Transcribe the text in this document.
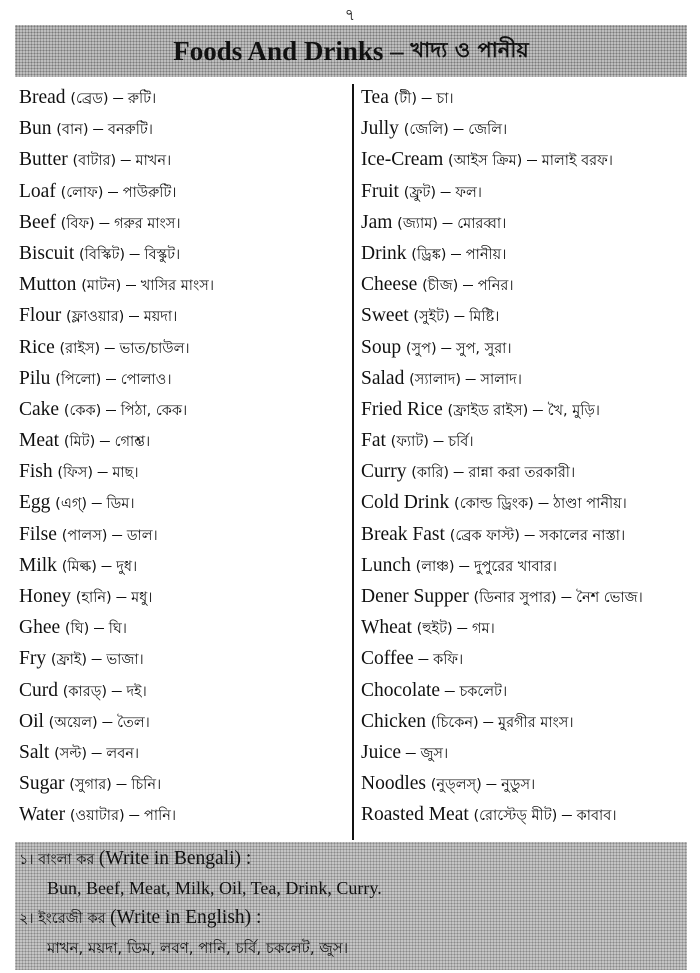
৭
Foods And Drinks – খাদ্য ও পানীয়
Bread (ব্রেড) – রুটি।
Bun (বান) – বনরুটি।
Butter (বাটার) – মাখন।
Loaf (লোফ) – পাউরুটি।
Beef (বিফ) – গরুর মাংস।
Biscuit (বিস্কিট) – বিস্কুট।
Mutton (মাটন) – খাসির মাংস।
Flour (ফ্লাওয়ার) – ময়দা।
Rice (রাইস) – ভাত/চাউল।
Pilu (পিলো) – পোলাও।
Cake (কেক) – পিঠা, কেক।
Meat (মিট) – গোশ্ত।
Fish (ফিস) – মাছ।
Egg (এগ্) – ডিম।
Filse (পালস) – ডাল।
Milk (মিল্ক) – দুধ।
Honey (হানি) – মধু।
Ghee (ঘি) – ঘি।
Fry (ফ্রাই) – ভাজা।
Curd (কারড্) – দই।
Oil (অয়েল) – তৈল।
Salt (সল্ট) – লবন।
Sugar (সুগার) – চিনি।
Water (ওয়াটার) – পানি।
Tea (টী) – চা।
Jully (জেলি) – জেলি।
Ice-Cream (আইস ক্রিম) – মালাই বরফ।
Fruit (ফ্রুট) – ফল।
Jam (জ্যাম) – মোরব্বা।
Drink (ড্রিঙ্ক) – পানীয়।
Cheese (চীজ) – পনির।
Sweet (সুইট) – মিষ্টি।
Soup (সুপ) – সুপ, সুরা।
Salad (স্যালাদ) – সালাদ।
Fried Rice (ফ্রাইড রাইস) – খৈ, মুড়ি।
Fat (ফ্যাট) – চর্বি।
Curry (কারি) – রান্না করা তরকারী।
Cold Drink (কোল্ড ড্রিংক) – ঠাণ্ডা পানীয়।
Break Fast (ব্রেক ফাস্ট) – সকালের নাস্তা।
Lunch (লাঞ্চ) – দুপুরের খাবার।
Dener Supper (ডিনার সুপার) – নৈশ ভোজ।
Wheat (হুইট) – গম।
Coffee – কফি।
Chocolate – চকলেট।
Chicken (চিকেন) – মুরগীর মাংস।
Juice – জুস।
Noodles (নুড্‌লস্) – নুডুস।
Roasted Meat (রোস্টেড্ মীট) – কাবাব।
১। বাংলা কর (Write in Bengali) :
Bun, Beef, Meat, Milk, Oil, Tea, Drink, Curry.
২। ইংরেজী কর (Write in English) :
মাখন, ময়দা, ডিম, লবণ, পানি, চর্বি, চকলেট, জুস।
